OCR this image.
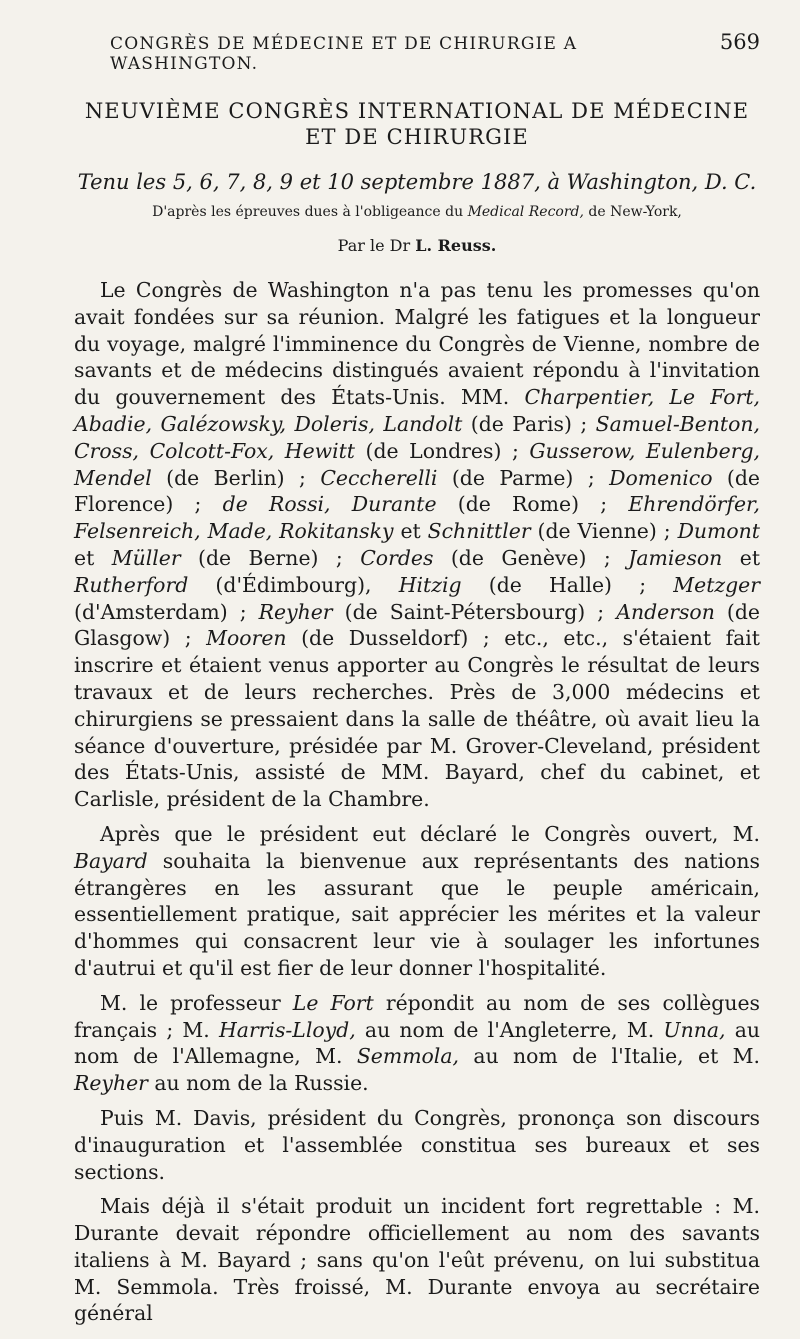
CONGRÈS DE MÉDECINE ET DE CHIRURGIE A WASHINGTON.
569
NEUVIÈME CONGRÈS INTERNATIONAL DE MÉDECINE
ET DE CHIRURGIE
Tenu les 5, 6, 7, 8, 9 et 10 septembre 1887, à Washington, D. C.
D'après les épreuves dues à l'obligeance du Medical Record, de New-York,
Par le Dr L. Reuss.

Le Congrès de Washington n'a pas tenu les promesses qu'on avait fondées sur sa réunion. Malgré les fatigues et la longueur du voyage, malgré l'imminence du Congrès de Vienne, nombre de savants et de médecins distingués avaient répondu à l'invitation du gouvernement des États-Unis. MM. Charpentier, Le Fort, Abadie, Galézowsky, Doleris, Landolt (de Paris) ; Samuel-Benton, Cross, Colcott-Fox, Hewitt (de Londres) ; Gusserow, Eulenberg, Mendel (de Berlin) ; Ceccherelli (de Parme) ; Domenico (de Florence) ; de Rossi, Durante (de Rome) ; Ehrendörfer, Felsenreich, Made, Rokitansky et Schnittler (de Vienne) ; Dumont et Müller (de Berne) ; Cordes (de Genève) ; Jamieson et Rutherford (d'Édimbourg), Hitzig (de Halle) ; Metzger (d'Amsterdam) ; Reyher (de Saint-Pétersbourg) ; Anderson (de Glasgow) ; Mooren (de Dusseldorf) ; etc., etc., s'étaient fait inscrire et étaient venus apporter au Congrès le résultat de leurs travaux et de leurs recherches. Près de 3,000 médecins et chirurgiens se pressaient dans la salle de théâtre, où avait lieu la séance d'ouverture, présidée par M. Grover-Cleveland, président des États-Unis, assisté de MM. Bayard, chef du cabinet, et Carlisle, président de la Chambre.

Après que le président eut déclaré le Congrès ouvert, M. Bayard souhaita la bienvenue aux représentants des nations étrangères en les assurant que le peuple américain, essentiellement pratique, sait apprécier les mérites et la valeur d'hommes qui consacrent leur vie à soulager les infortunes d'autrui et qu'il est fier de leur donner l'hospitalité.

M. le professeur Le Fort répondit au nom de ses collègues français ; M. Harris-Lloyd, au nom de l'Angleterre, M. Unna, au nom de l'Allemagne, M. Semmola, au nom de l'Italie, et M. Reyher au nom de la Russie.

Puis M. Davis, président du Congrès, prononça son discours d'inauguration et l'assemblée constitua ses bureaux et ses sections.

Mais déjà il s'était produit un incident fort regrettable : M. Durante devait répondre officiellement au nom des savants italiens à M. Bayard ; sans qu'on l'eût prévenu, on lui substitua M. Semmola. Très froissé, M. Durante envoya au secrétaire général
